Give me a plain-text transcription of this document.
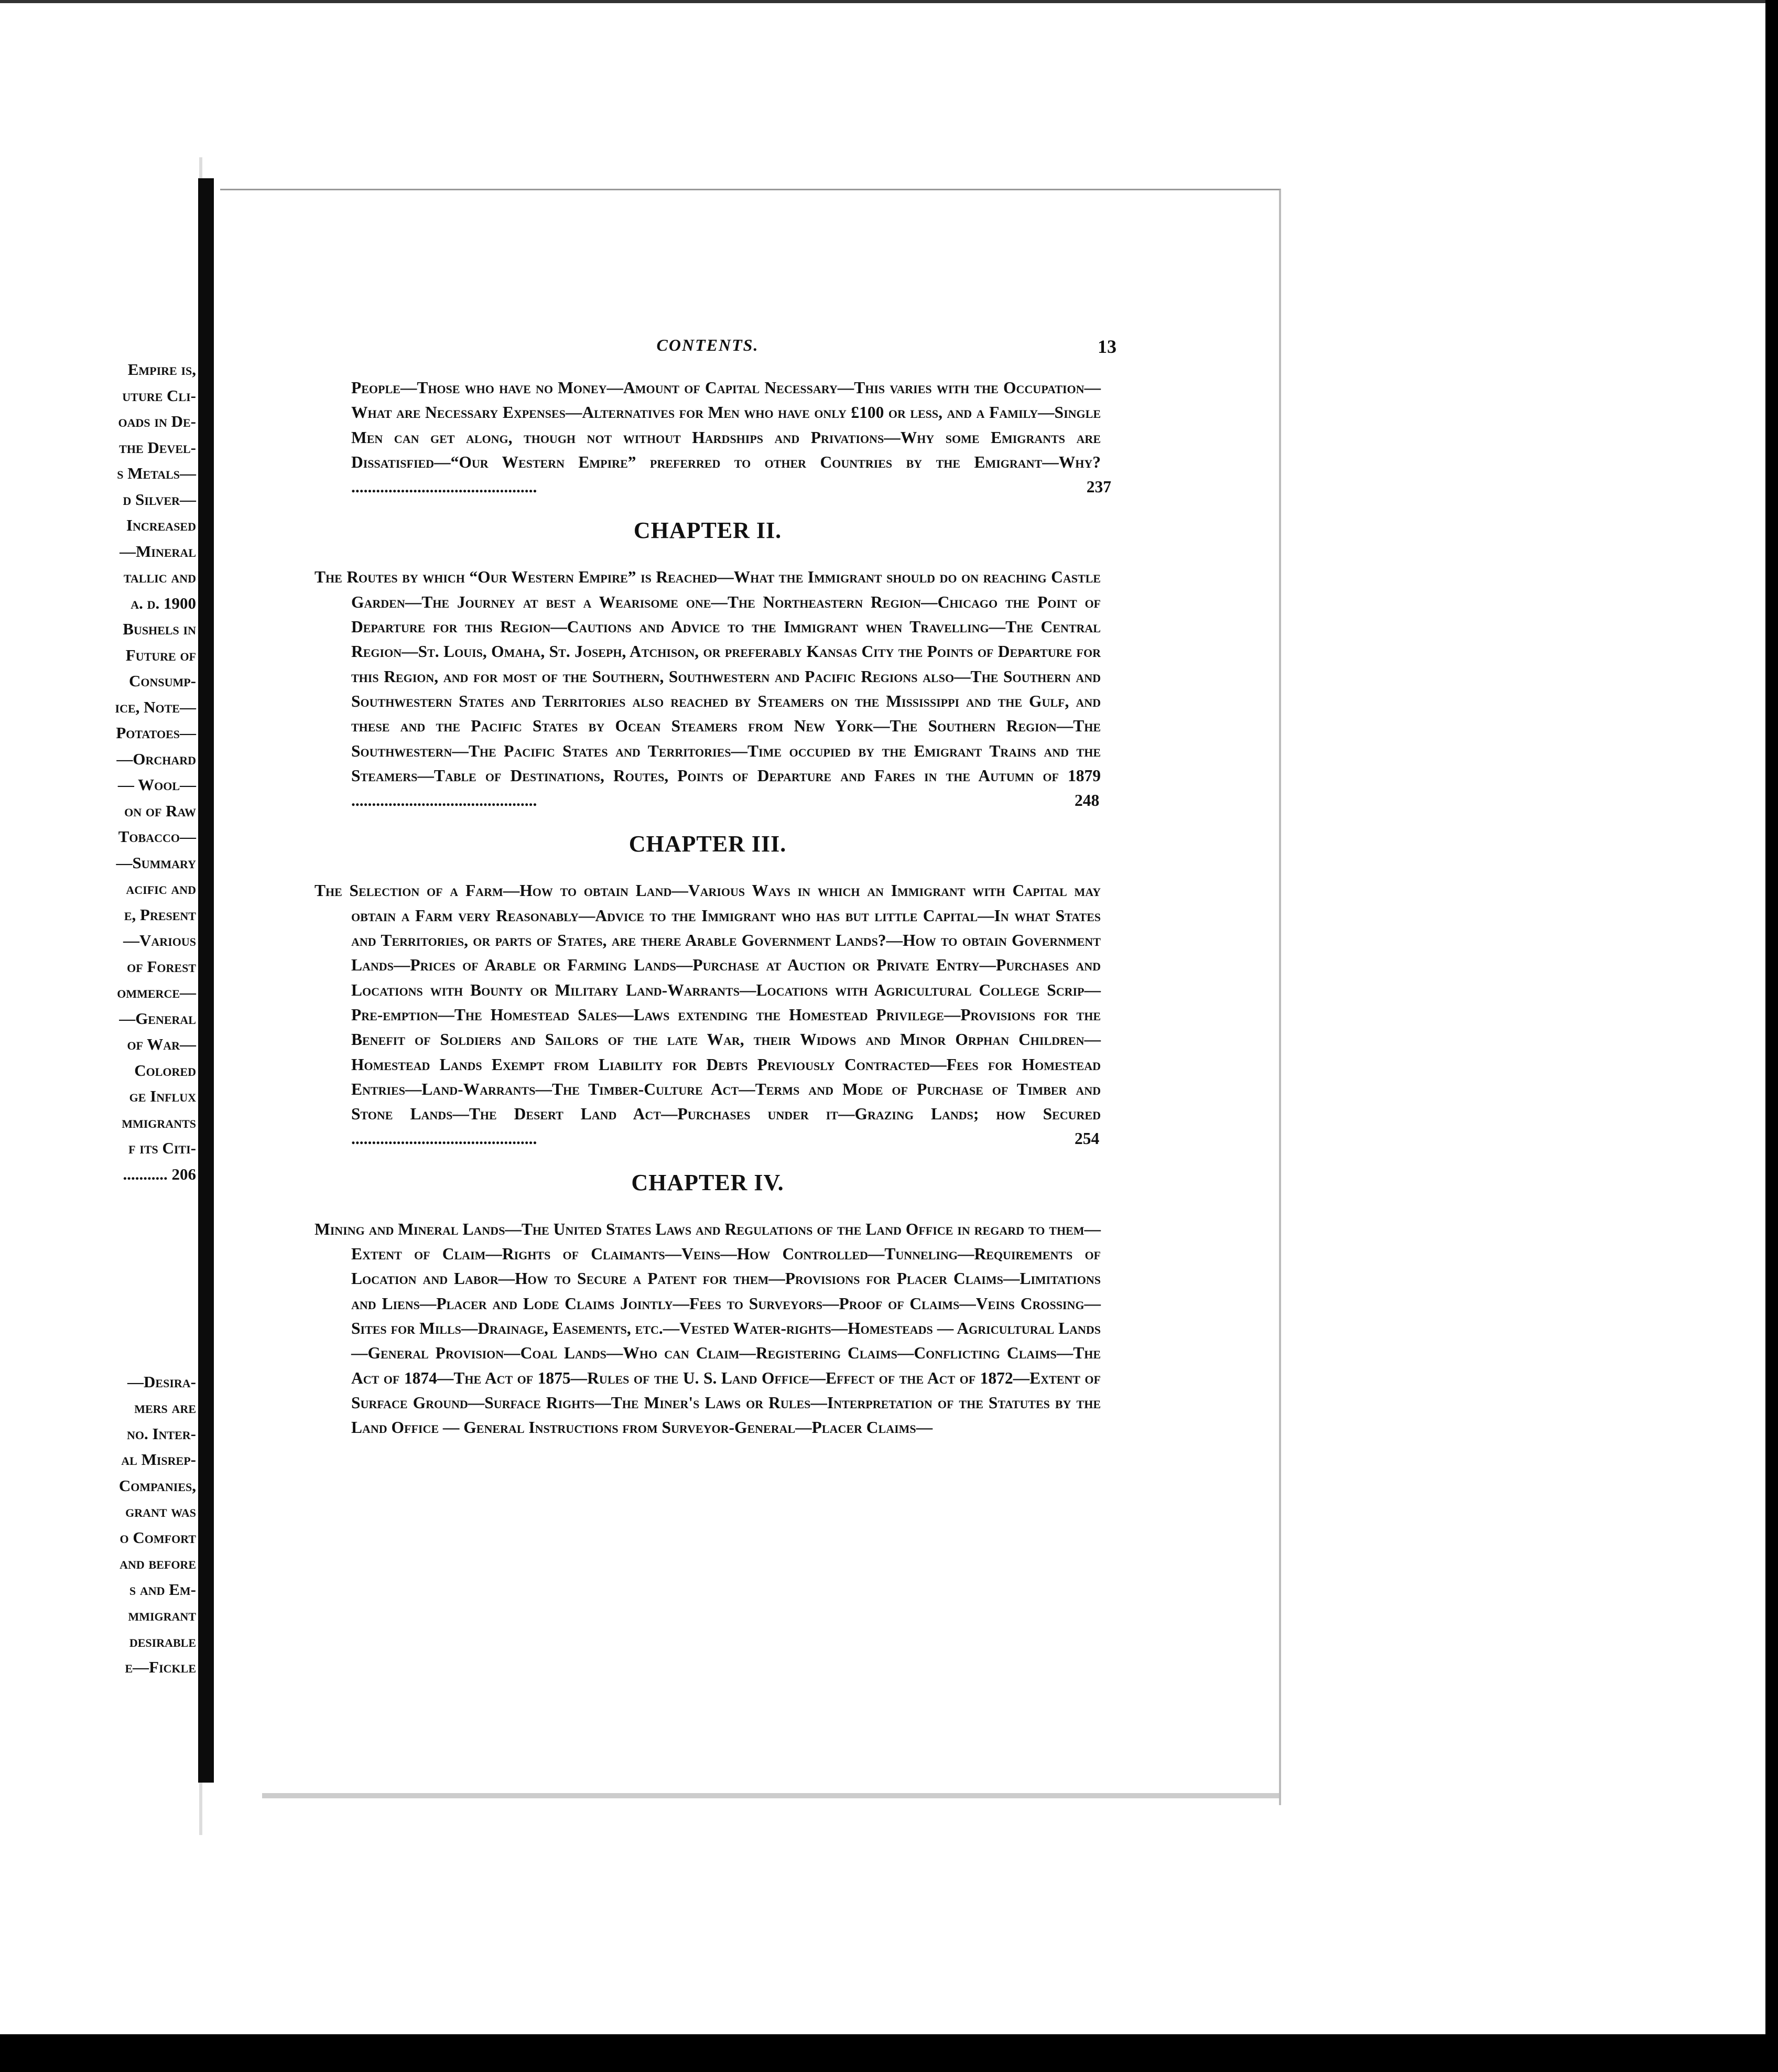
Empire is,
uture Cli-
oads in De-
the Devel-
s Metals—
d Silver—
Increased
—Mineral
tallic and
a. d. 1900
Bushels in
Future of
Consump-
ice, Note—
Potatoes—
—Orchard
— Wool—
on of Raw
Tobacco—
—Summary
acific and
e, Present
—Various
of Forest
ommerce—
—General
of War—
Colored
ge Influx
mmigrants
f its Citi-
........... 206

—Desira-
mers are
no. Inter-
al Misrep-
Companies,
grant was
o Comfort
and before
s and Em-
mmigrant
desirable
e—Fickle
CONTENTS.	13
People—Those who have no Money—Amount of Capital Necessary—This varies with the Occupation—What are Necessary Expenses—Alternatives for Men who have only £100 or less, and a Family—Single Men can get along, though not without Hardships and Privations—Why some Emigrants are Dissatisfied—“Our Western Empire” preferred to other Countries by the Emigrant—Why? .............................................	237
CHAPTER II.
The Routes by which “Our Western Empire” is Reached—What the Immigrant should do on reaching Castle Garden—The Journey at best a Wearisome one—The Northeastern Region—Chicago the Point of Departure for this Region—Cautions and Advice to the Immigrant when Travelling—The Central Region—St. Louis, Omaha, St. Joseph, Atchison, or preferably Kansas City the Points of Departure for this Region, and for most of the Southern, Southwestern and Pacific Regions also—The Southern and Southwestern States and Territories also reached by Steamers on the Mississippi and the Gulf, and these and the Pacific States by Ocean Steamers from New York—The Southern Region—The Southwestern—The Pacific States and Territories—Time occupied by the Emigrant Trains and the Steamers—Table of Destinations, Routes, Points of Departure and Fares in the Autumn of 1879 .............................................	248
CHAPTER III.
The Selection of a Farm—How to obtain Land—Various Ways in which an Immigrant with Capital may obtain a Farm very Reasonably—Advice to the Immigrant who has but little Capital—In what States and Territories, or parts of States, are there Arable Government Lands?—How to obtain Government Lands—Prices of Arable or Farming Lands—Purchase at Auction or Private Entry—Purchases and Locations with Bounty or Military Land-Warrants—Locations with Agricultural College Scrip—Pre-emption—The Homestead Sales—Laws extending the Homestead Privilege—Provisions for the Benefit of Soldiers and Sailors of the late War, their Widows and Minor Orphan Children—Homestead Lands Exempt from Liability for Debts Previously Contracted—Fees for Homestead Entries—Land-Warrants—The Timber-Culture Act—Terms and Mode of Purchase of Timber and Stone Lands—The Desert Land Act—Purchases under it—Grazing Lands; how Secured .............................................	254
CHAPTER IV.
Mining and Mineral Lands—The United States Laws and Regulations of the Land Office in regard to them—Extent of Claim—Rights of Claimants—Veins—How Controlled—Tunneling—Requirements of Location and Labor—How to Secure a Patent for them—Provisions for Placer Claims—Limitations and Liens—Placer and Lode Claims Jointly—Fees to Surveyors—Proof of Claims—Veins Crossing—Sites for Mills—Drainage, Easements, etc.—Vested Water-rights—Homesteads — Agricultural Lands—General Provision—Coal Lands—Who can Claim—Registering Claims—Conflicting Claims—The Act of 1874—The Act of 1875—Rules of the U. S. Land Office—Effect of the Act of 1872—Extent of Surface Ground—Surface Rights—The Miner's Laws or Rules—Interpretation of the Statutes by the Land Office — General Instructions from Surveyor-General—Placer Claims—
